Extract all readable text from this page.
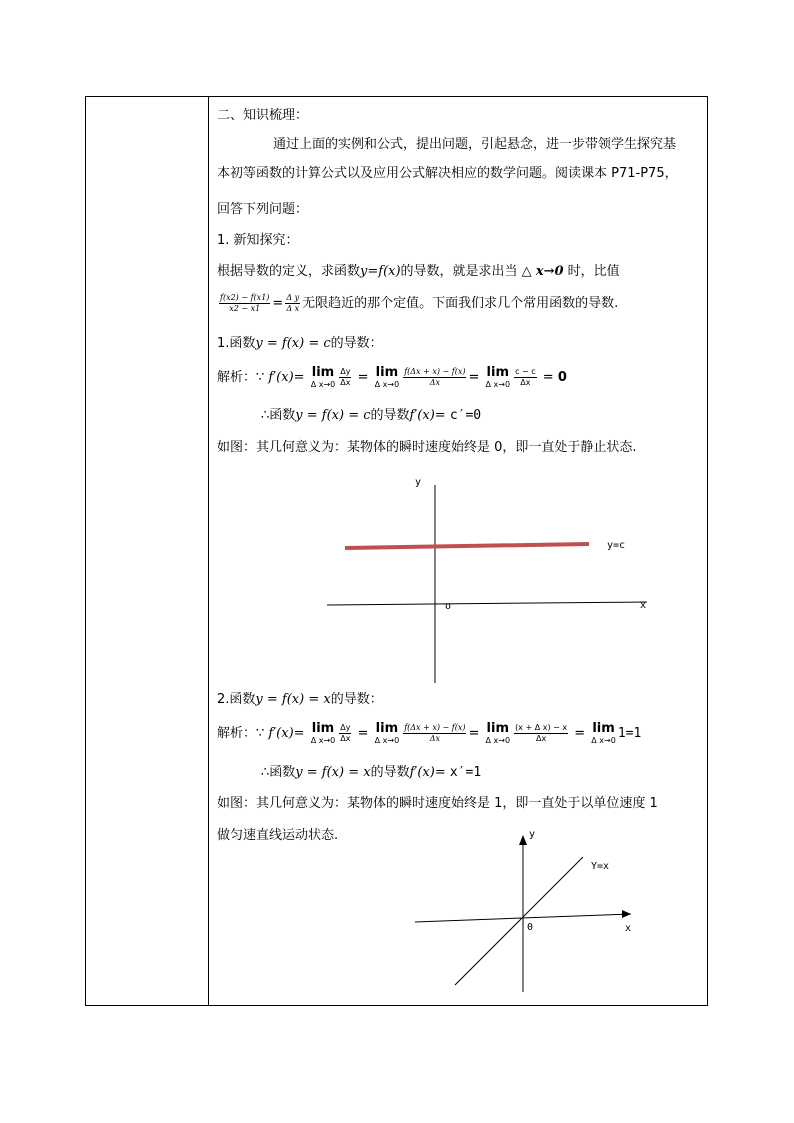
二、知识梳理：
通过上面的实例和公式，提出问题，引起悬念，进一步带领学生探究基
本初等函数的计算公式以及应用公式解决相应的数学问题。阅读课本 P71-P75，
回答下列问题：
1. 新知探究：
根据导数的定义，求函数y=f(x)的导数，就是求出当 △ x→0 时，比值
$\frac{f(x2) - f(x1)}{x2 - x1} = \frac{\text{Δ y}}{\text{Δ x}}$ 无限趋近的那个定值。下面我们求几个常用函数的导数.
1.函数y = f(x) = c的导数：
解析：∵ f′(x)= lim
Δ $x\to 0 \frac{\Delta y}{\Delta x} = \lim$
Δ $x\to 0 \frac{f(\Delta x + x) - f(x)}{\Delta x} = \lim$
Δ $x\to 0 \frac{c - c}{\Delta x} = 0$
∴函数y = f(x) = c的导数f′(x)= c′=0
如图：其几何意义为：某物体的瞬时速度始终是 0，即一直处于静止状态.
y
x
o
y=c
2.函数y = f(x) = x的导数：
解析：∵ f′(x)= lim
Δ $x\to 0 \frac{\Delta y}{\Delta x} = \lim$
Δ $x\to 0 \frac{f(\Delta x + x) - f(x)}{\Delta x} = \lim$
Δ $x\to 0 \frac{\text{(x + Δ x) − x}}{\Delta x} = \lim$
Δ x→0 1=1
∴函数y = f(x) = x的导数f′(x)= x′=1
如图：其几何意义为：某物体的瞬时速度始终是 1，即一直处于以单位速度 1
做匀速直线运动状态.	y
x
0
Y=x
